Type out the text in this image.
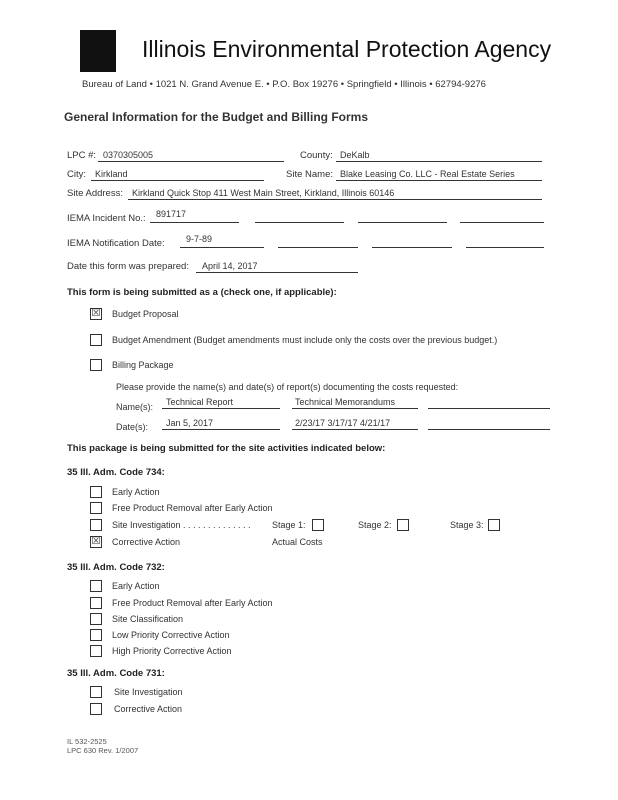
Illinois Environmental Protection Agency
Bureau of Land • 1021 N. Grand Avenue E. • P.O. Box 19276 • Springfield • Illinois • 62794-9276
General Information for the Budget and Billing Forms
LPC #: 0370305005	County: DeKalb
City: Kirkland	Site Name: Blake Leasing Co. LLC - Real Estate Series
Site Address: Kirkland Quick Stop 411 West Main Street, Kirkland, Illinois 60146
IEMA Incident No.: 891717
IEMA Notification Date: 9-7-89
Date this form was prepared: April 14, 2017
This form is being submitted as a (check one, if applicable):
☒ Budget Proposal
Budget Amendment (Budget amendments must include only the costs over the previous budget.)
Billing Package
Please provide the name(s) and date(s) of report(s) documenting the costs requested:
Name(s): Technical Report	Technical Memorandums
Date(s): Jan 5, 2017	2/23/17 3/17/17 4/21/17
This package is being submitted for the site activities indicated below:
35 Ill. Adm. Code 734:
Early Action
Free Product Removal after Early Action
Site Investigation . . . . . . . . . . . . . . Stage 1:	Stage 2:	Stage 3:
☒ Corrective Action	Actual Costs
35 Ill. Adm. Code 732:
Early Action
Free Product Removal after Early Action
Site Classification
Low Priority Corrective Action
High Priority Corrective Action
35 Ill. Adm. Code 731:
Site Investigation
Corrective Action
IL 532-2525
LPC 630 Rev. 1/2007
